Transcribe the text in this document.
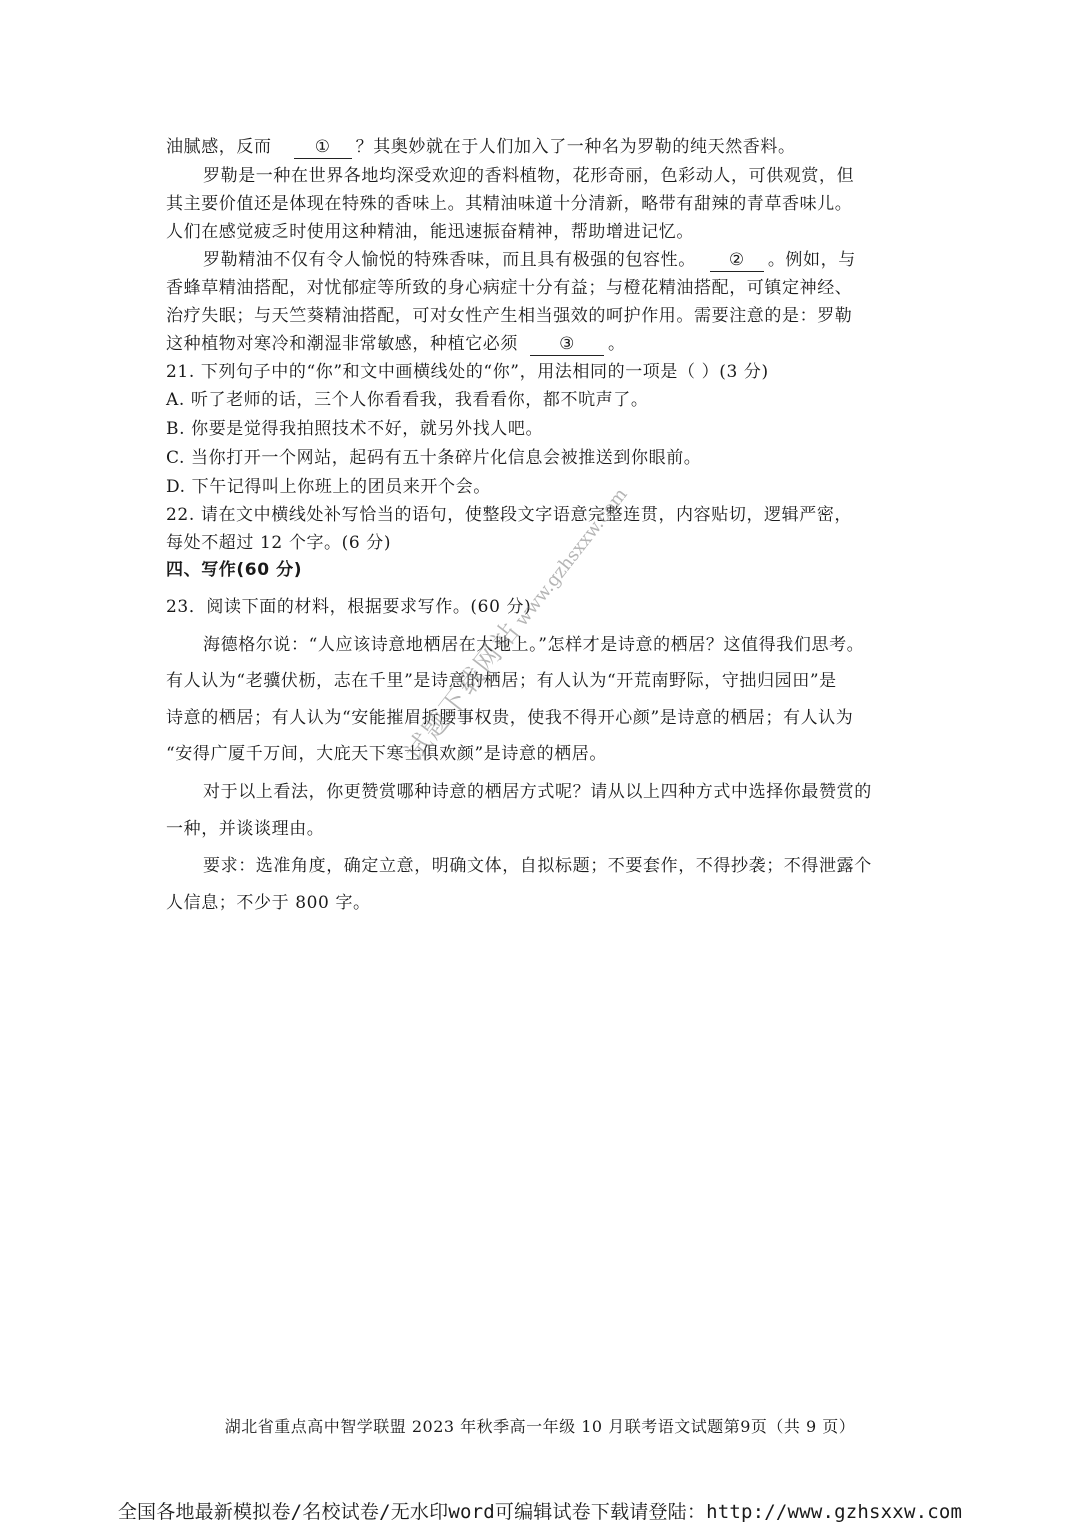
油腻感，反而	① ？其奥妙就在于人们加入了一种名为罗勒的纯天然香料。
罗勒是一种在世界各地均深受欢迎的香料植物，花形奇丽，色彩动人，可供观赏，但
其主要价值还是体现在特殊的香味上。其精油味道十分清新，略带有甜辣的青草香味儿。
人们在感觉疲乏时使用这种精油，能迅速振奋精神，帮助增进记忆。
罗勒精油不仅有令人愉悦的特殊香味，而且具有极强的包容性。 ② 。例如，与
香蜂草精油搭配，对忧郁症等所致的身心病症十分有益；与橙花精油搭配，可镇定神经、
治疗失眠；与天竺葵精油搭配，可对女性产生相当强效的呵护作用。需要注意的是：罗勒
这种植物对寒冷和潮湿非常敏感，种植它必须 ③ 。
21. 下列句子中的“你”和文中画横线处的“你”，用法相同的一项是（ ）(3 分)
A. 听了老师的话，三个人你看看我，我看看你，都不吭声了。
B. 你要是觉得我拍照技术不好，就另外找人吧。
C. 当你打开一个网站，起码有五十条碎片化信息会被推送到你眼前。
D. 下午记得叫上你班上的团员来开个会。
22. 请在文中横线处补写恰当的语句，使整段文字语意完整连贯，内容贴切，逻辑严密，
每处不超过 12 个字。(6 分)
四、写作(60 分)
23．阅读下面的材料，根据要求写作。(60 分)
海德格尔说：“人应该诗意地栖居在大地上。”怎样才是诗意的栖居？这值得我们思考。
有人认为“老骥伏枥，志在千里”是诗意的栖居；有人认为“开荒南野际，守拙归园田”是
诗意的栖居；有人认为“安能摧眉折腰事权贵，使我不得开心颜”是诗意的栖居；有人认为
“安得广厦千万间，大庇天下寒士俱欢颜”是诗意的栖居。
对于以上看法，你更赞赏哪种诗意的栖居方式呢？请从以上四种方式中选择你最赞赏的
一种，并谈谈理由。
要求：选准角度，确定立意，明确文体，自拟标题；不要套作，不得抄袭；不得泄露个
人信息；不少于 800 字。
试题下载网站www.gzhsxxw.com
湖北省重点高中智学联盟 2023 年秋季高一年级 10 月联考语文试题第9页（共 9 页）
全国各地最新模拟卷/名校试卷/无水印word可编辑试卷下载请登陆：http://www.gzhsxxw.com
